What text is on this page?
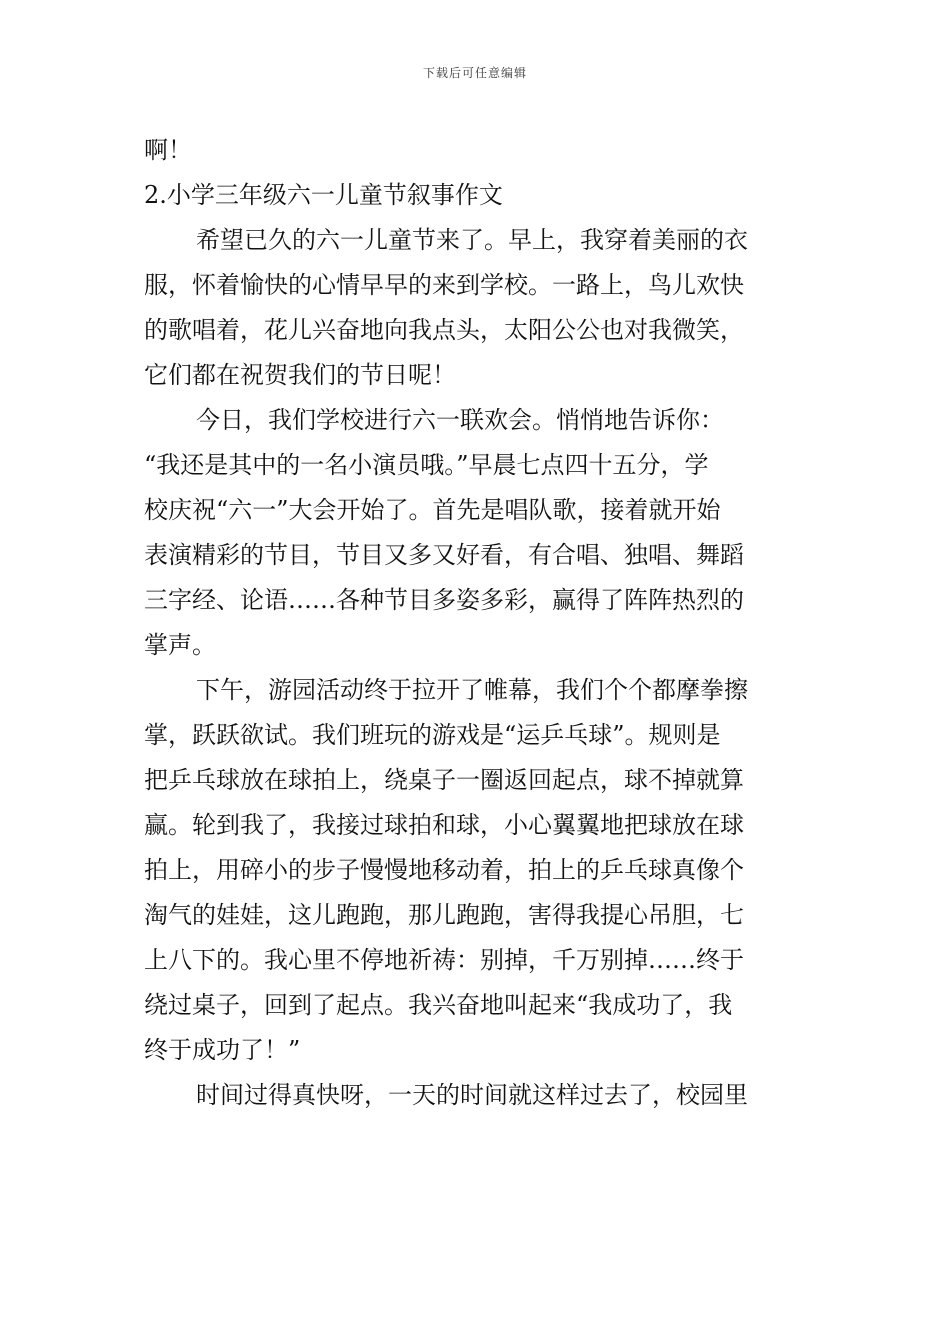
下载后可任意编辑
啊！
2.小学三年级六一儿童节叙事作文
希望已久的六一儿童节来了。早上，我穿着美丽的衣
服，怀着愉快的心情早早的来到学校。一路上，鸟儿欢快
的歌唱着，花儿兴奋地向我点头，太阳公公也对我微笑，
它们都在祝贺我们的节日呢！
今日，我们学校进行六一联欢会。悄悄地告诉你：
“我还是其中的一名小演员哦。”早晨七点四十五分，学
校庆祝“六一”大会开始了。首先是唱队歌，接着就开始
表演精彩的节目，节目又多又好看，有合唱、独唱、舞蹈
三字经、论语……各种节目多姿多彩，赢得了阵阵热烈的
掌声。
下午，游园活动终于拉开了帷幕，我们个个都摩拳擦
掌，跃跃欲试。我们班玩的游戏是“运乒乓球”。规则是
把乒乓球放在球拍上，绕桌子一圈返回起点，球不掉就算
赢。轮到我了，我接过球拍和球，小心翼翼地把球放在球
拍上，用碎小的步子慢慢地移动着，拍上的乒乓球真像个
淘气的娃娃，这儿跑跑，那儿跑跑，害得我提心吊胆，七
上八下的。我心里不停地祈祷：别掉，千万别掉……终于
绕过桌子，回到了起点。我兴奋地叫起来“我成功了，我
终于成功了！”
时间过得真快呀，一天的时间就这样过去了，校园里
